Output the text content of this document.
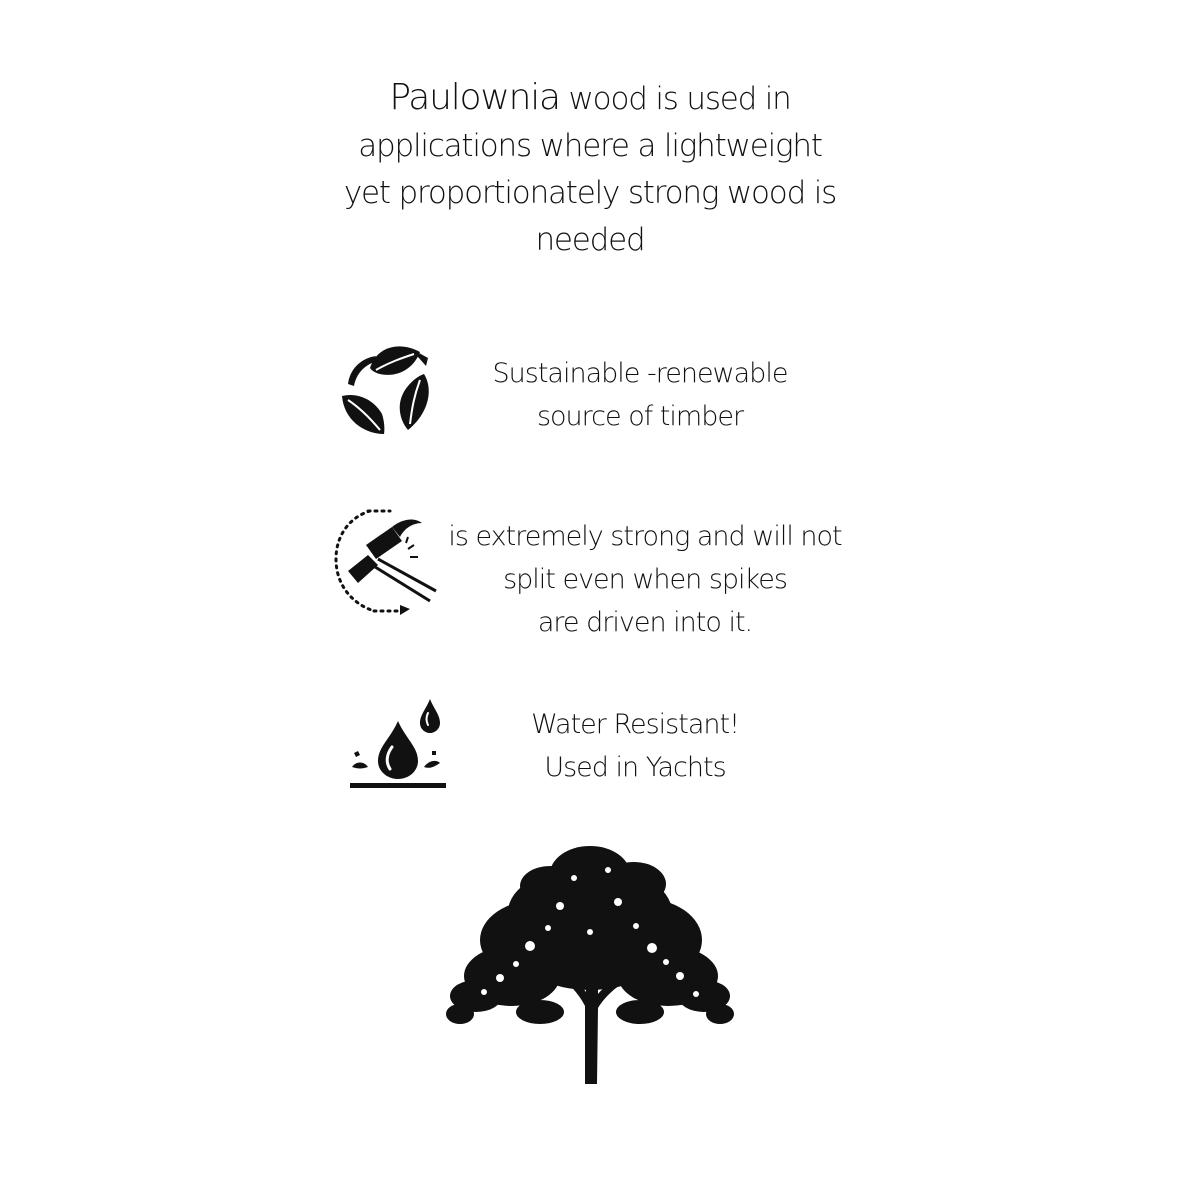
Paulownia wood is used in
applications where a lightweight
yet proportionately strong wood is
needed
Sustainable -renewable
source of timber
is extremely strong and will not
split even when spikes
are driven into it.
Water Resistant!
Used in Yachts
